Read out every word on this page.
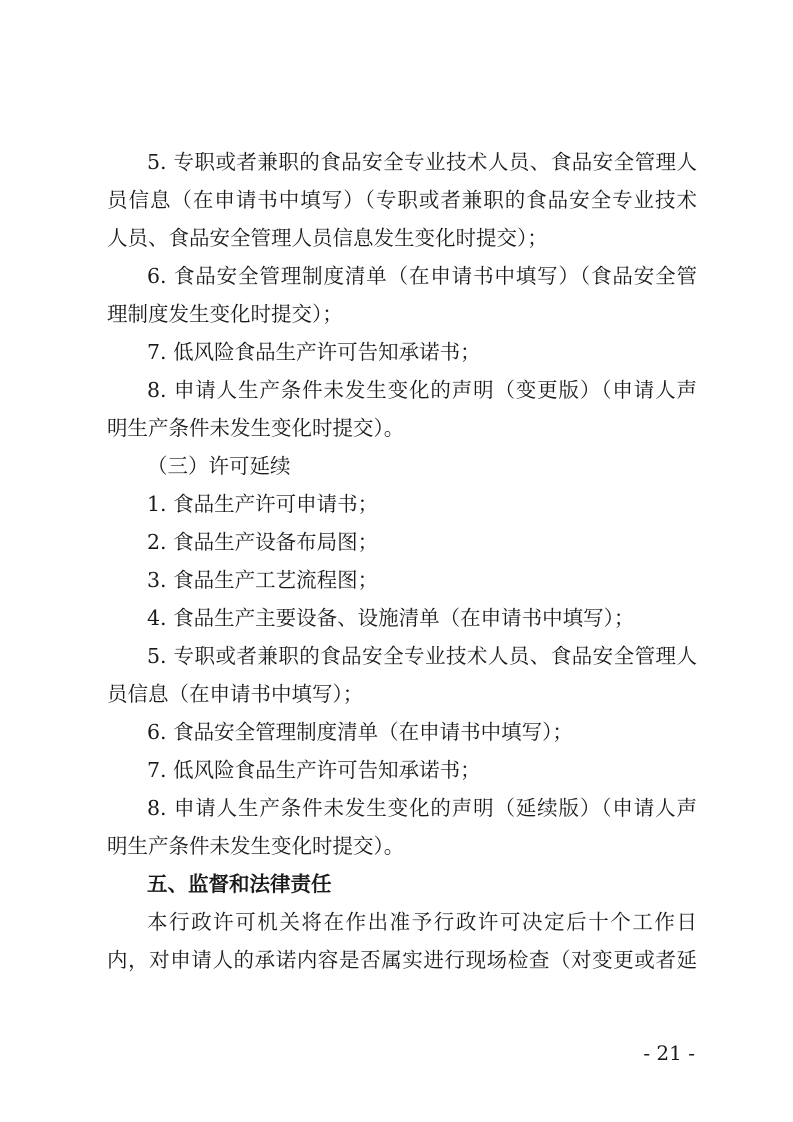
5. 专职或者兼职的食品安全专业技术人员、食品安全管理人
员信息（在申请书中填写）（专职或者兼职的食品安全专业技术
人员、食品安全管理人员信息发生变化时提交）；
6. 食品安全管理制度清单（在申请书中填写）（食品安全管
理制度发生变化时提交）；
7. 低风险食品生产许可告知承诺书；
8. 申请人生产条件未发生变化的声明（变更版）（申请人声
明生产条件未发生变化时提交）。
（三）许可延续
1. 食品生产许可申请书；
2. 食品生产设备布局图；
3. 食品生产工艺流程图；
4. 食品生产主要设备、设施清单（在申请书中填写）；
5. 专职或者兼职的食品安全专业技术人员、食品安全管理人
员信息（在申请书中填写）；
6. 食品安全管理制度清单（在申请书中填写）；
7. 低风险食品生产许可告知承诺书；
8. 申请人生产条件未发生变化的声明（延续版）（申请人声
明生产条件未发生变化时提交）。
五、监督和法律责任
本行政许可机关将在作出准予行政许可决定后十个工作日
内，对申请人的承诺内容是否属实进行现场检查（对变更或者延
- 21 -
